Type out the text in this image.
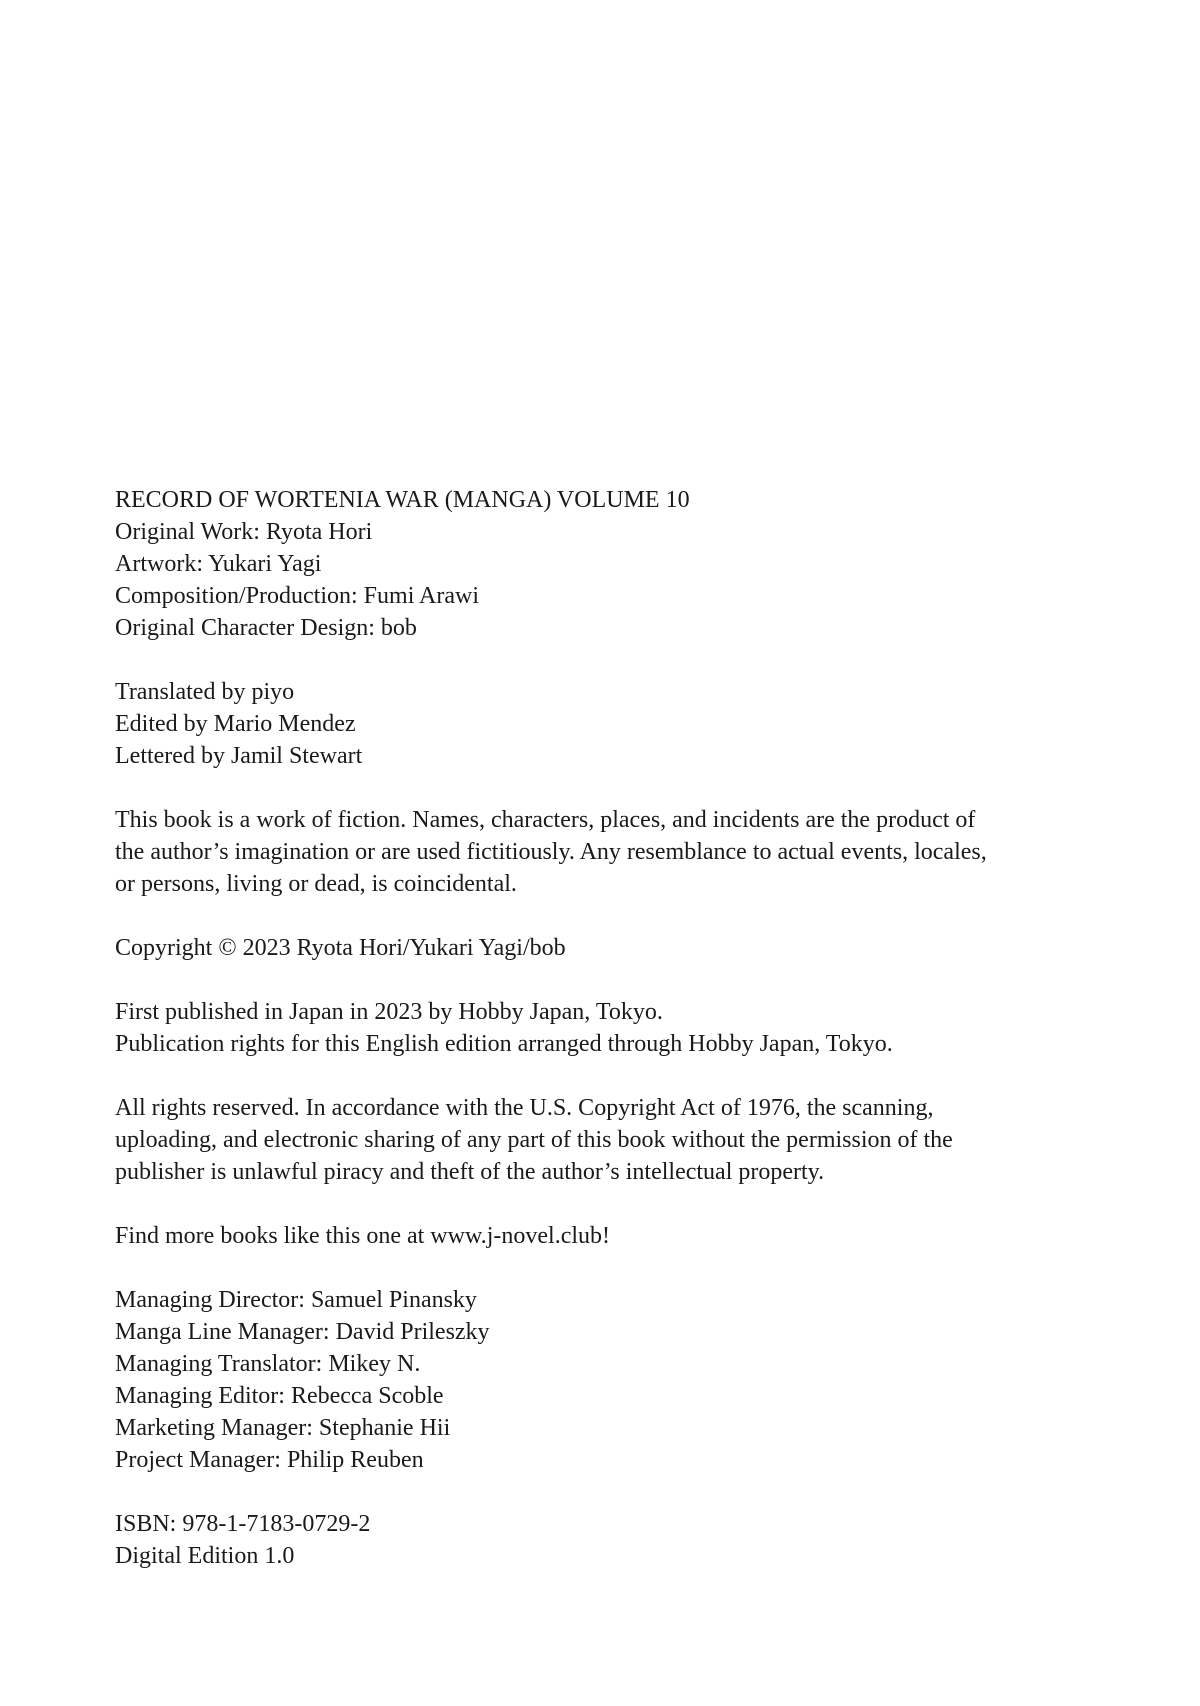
RECORD OF WORTENIA WAR (MANGA) VOLUME 10
Original Work: Ryota Hori
Artwork: Yukari Yagi
Composition/Production: Fumi Arawi
Original Character Design: bob
Translated by piyo
Edited by Mario Mendez
Lettered by Jamil Stewart
This book is a work of fiction. Names, characters, places, and incidents are the product of
the author’s imagination or are used fictitiously. Any resemblance to actual events, locales,
or persons, living or dead, is coincidental.
Copyright © 2023 Ryota Hori/Yukari Yagi/bob
First published in Japan in 2023 by Hobby Japan, Tokyo.
Publication rights for this English edition arranged through Hobby Japan, Tokyo.
All rights reserved. In accordance with the U.S. Copyright Act of 1976, the scanning,
uploading, and electronic sharing of any part of this book without the permission of the
publisher is unlawful piracy and theft of the author’s intellectual property.
Find more books like this one at www.j-novel.club!
Managing Director: Samuel Pinansky
Manga Line Manager: David Prileszky
Managing Translator: Mikey N.
Managing Editor: Rebecca Scoble
Marketing Manager: Stephanie Hii
Project Manager: Philip Reuben
ISBN: 978-1-7183-0729-2
Digital Edition 1.0
